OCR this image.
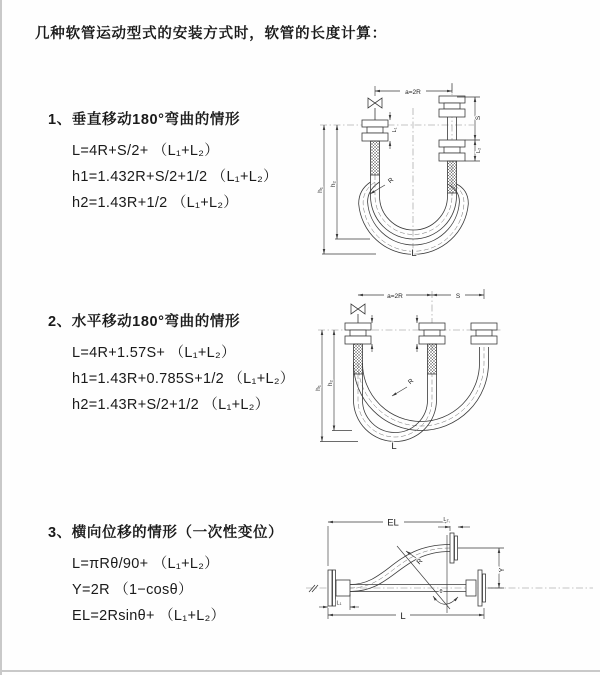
几种软管运动型式的安装方式时，软管的长度计算：
1、垂直移动180°弯曲的情形
L=4R+S/2+ （L₁+L₂）
h1=1.432R+S/2+1/2 （L₁+L₂）
h2=1.43R+1/2 （L₁+L₂）
2、水平移动180°弯曲的情形
L=4R+1.57S+ （L₁+L₂）
h1=1.43R+0.785S+1/2 （L₁+L₂）
h2=1.43R+S/2+1/2 （L₁+L₂）
3、横向位移的情形（一次性变位）
L=πRθ/90+ （L₁+L₂）
Y=2R （1−cosθ）
EL=2Rsinθ+ （L₁+L₂）
a=2R
h₁
h₂
L₁
S
L₂
R
L
a=2R	S
h₁
h₂	R
L
θ
EL	L₂
Y
L
L₁
R
